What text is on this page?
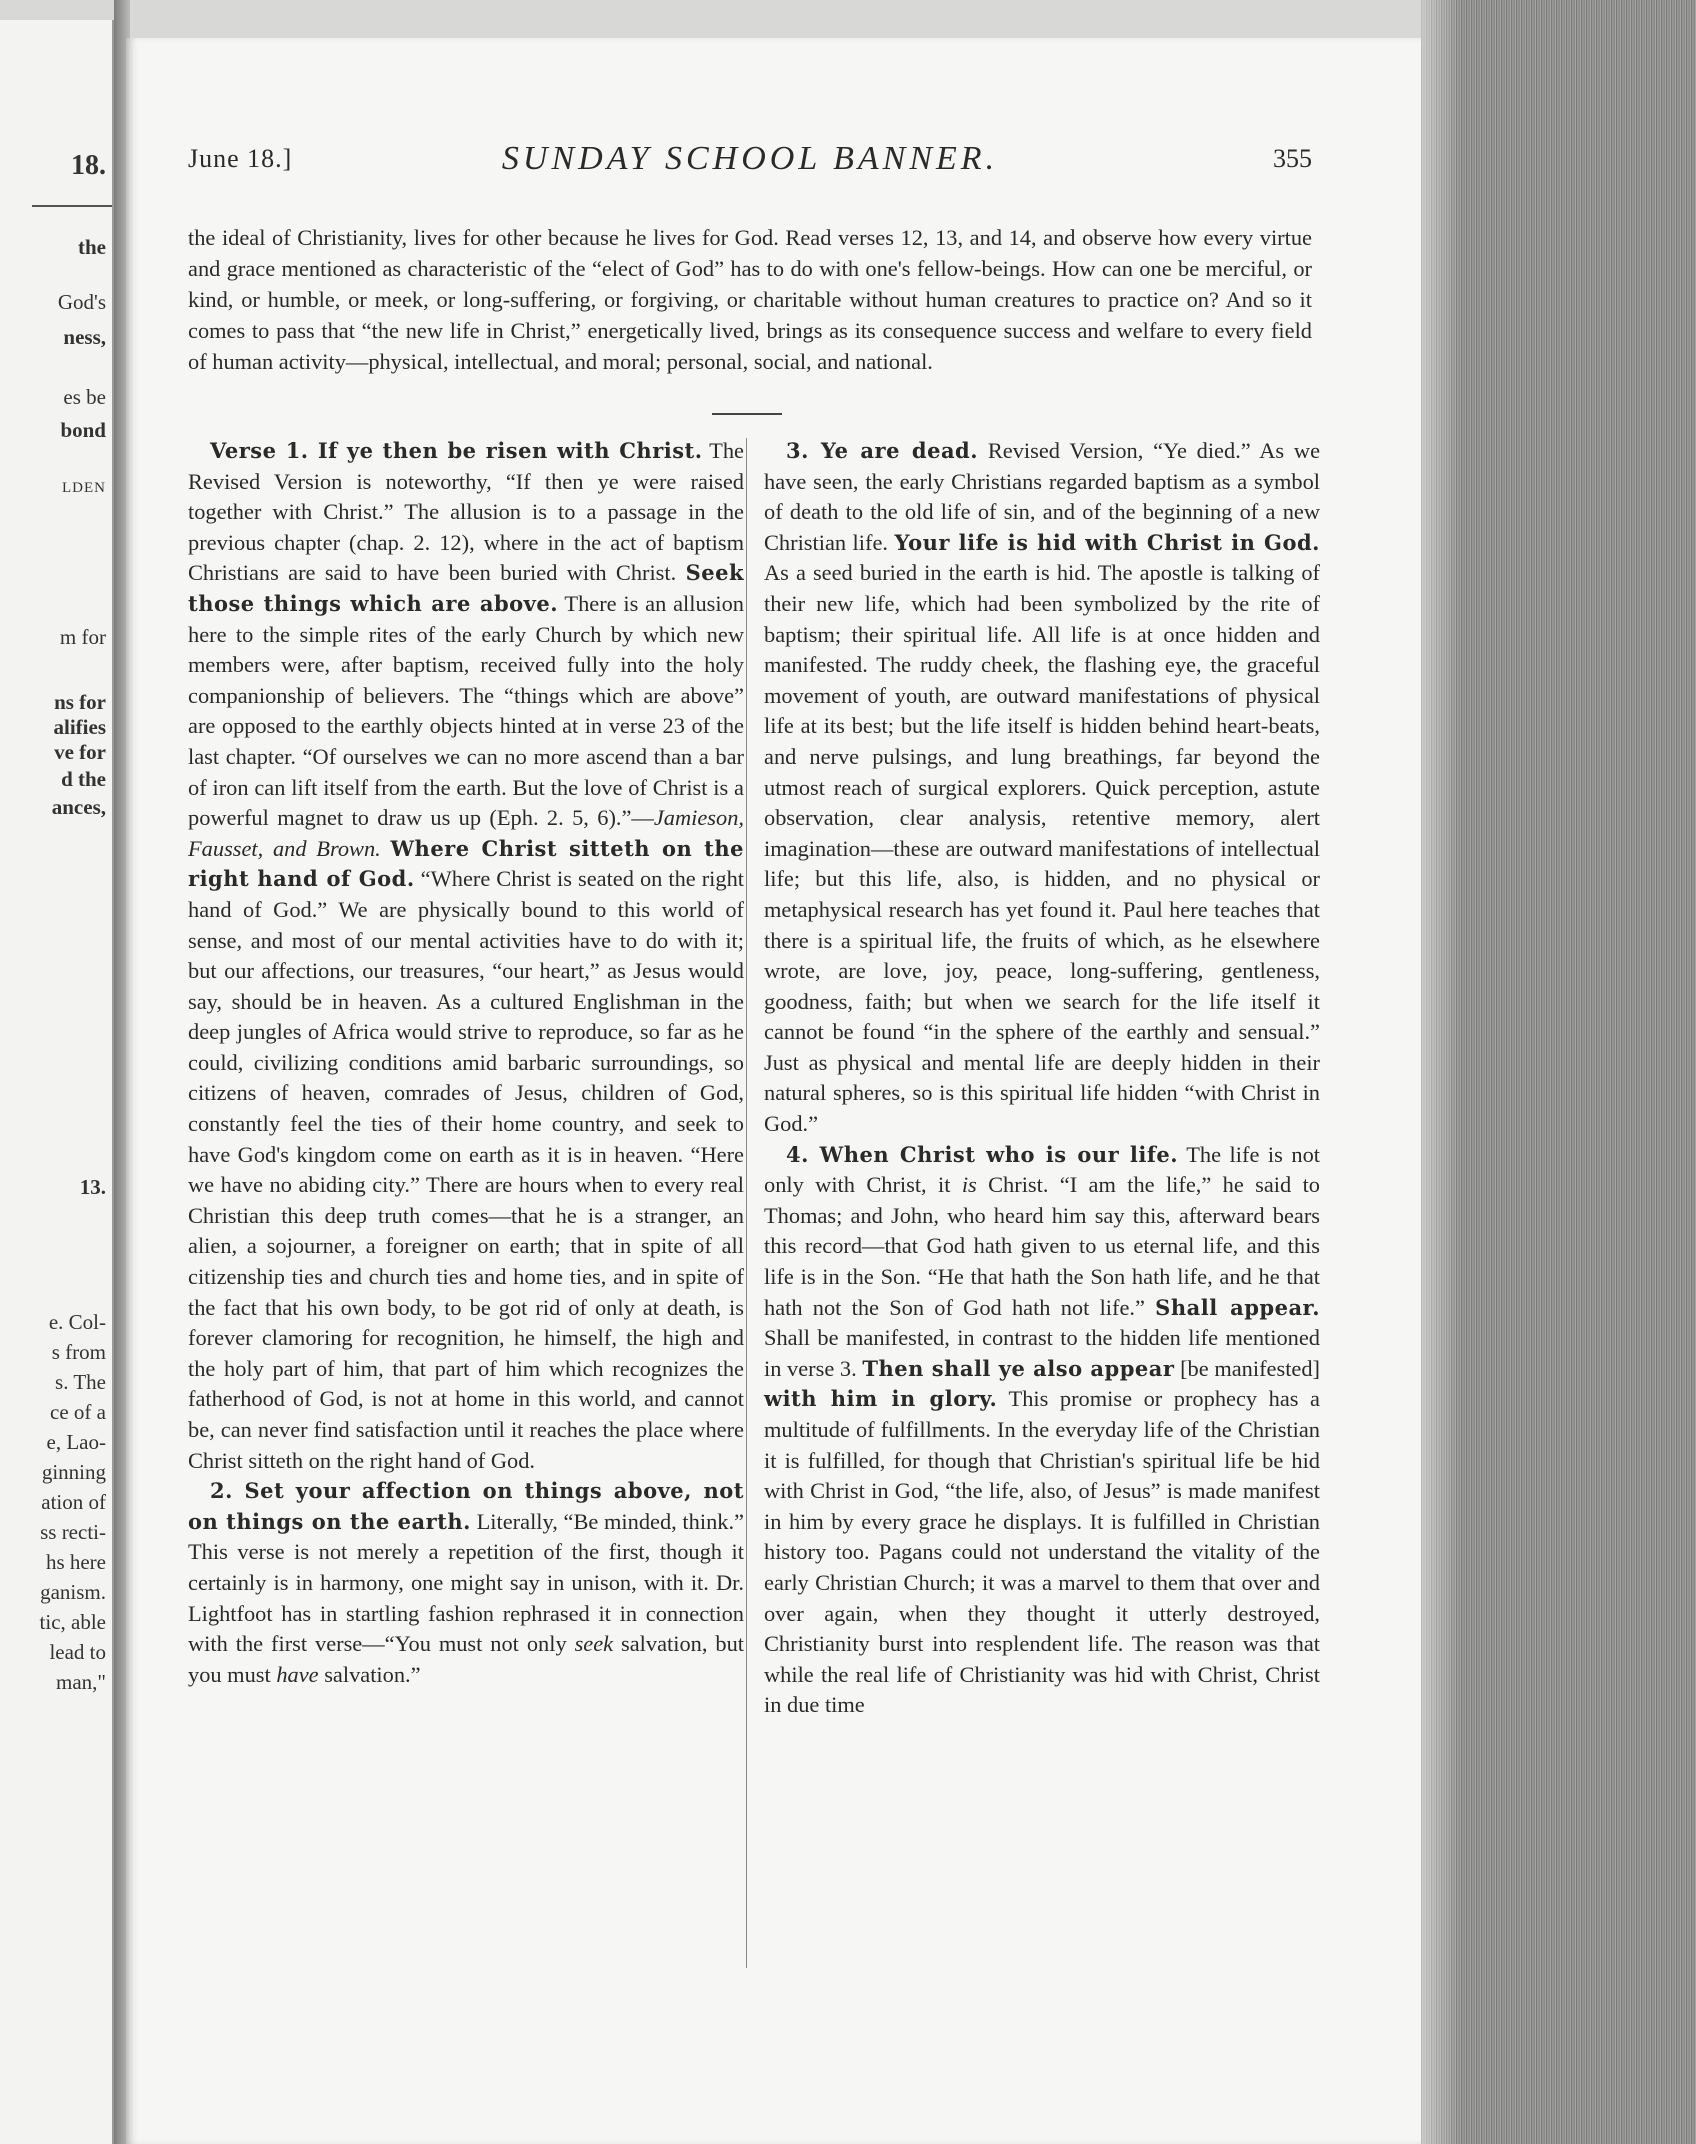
18.
the
God's
ness,
es be
bond
LDEN
m for
ns for
alifies
ve for
d the
ances,
13.
e. Col-
s from
s. The
ce of a
e, Lao-
ginning
ation of
ss recti-
hs here
ganism.
tic, able
lead to
man,"
June 18.]	SUNDAY SCHOOL BANNER.	355

the ideal of Christianity, lives for other because he lives for God. Read verses 12, 13, and 14, and observe how every virtue and grace mentioned as characteristic of the “elect of God” has to do with one's fellow-beings. How can one be merciful, or kind, or humble, or meek, or long-suffering, or forgiving, or charitable without human creatures to practice on? And so it comes to pass that “the new life in Christ,” energetically lived, brings as its consequence success and welfare to every field of human activity—physical, intellectual, and moral; personal, social, and national.

Verse 1. If ye then be risen with Christ. The Revised Version is noteworthy, “If then ye were raised together with Christ.” The allusion is to a passage in the previous chapter (chap. 2. 12), where in the act of baptism Christians are said to have been buried with Christ. Seek those things which are above. There is an allusion here to the simple rites of the early Church by which new members were, after baptism, received fully into the holy companionship of believers. The “things which are above” are opposed to the earthly objects hinted at in verse 23 of the last chapter. “Of ourselves we can no more ascend than a bar of iron can lift itself from the earth. But the love of Christ is a powerful magnet to draw us up (Eph. 2. 5, 6).”—Jamieson, Fausset, and Brown. Where Christ sitteth on the right hand of God. “Where Christ is seated on the right hand of God.” We are physically bound to this world of sense, and most of our mental activities have to do with it; but our affections, our treasures, “our heart,” as Jesus would say, should be in heaven. As a cultured Englishman in the deep jungles of Africa would strive to reproduce, so far as he could, civilizing conditions amid barbaric surroundings, so citizens of heaven, comrades of Jesus, children of God, constantly feel the ties of their home country, and seek to have God's kingdom come on earth as it is in heaven. “Here we have no abiding city.” There are hours when to every real Christian this deep truth comes—that he is a stranger, an alien, a sojourner, a foreigner on earth; that in spite of all citizenship ties and church ties and home ties, and in spite of the fact that his own body, to be got rid of only at death, is forever clamoring for recognition, he himself, the high and the holy part of him, that part of him which recognizes the fatherhood of God, is not at home in this world, and cannot be, can never find satisfaction until it reaches the place where Christ sitteth on the right hand of God.

2. Set your affection on things above, not on things on the earth. Literally, “Be minded, think.” This verse is not merely a repetition of the first, though it certainly is in harmony, one might say in unison, with it. Dr. Lightfoot has in startling fashion rephrased it in connection with the first verse—“You must not only seek salvation, but you must have salvation.”

3. Ye are dead. Revised Version, “Ye died.” As we have seen, the early Christians regarded baptism as a symbol of death to the old life of sin, and of the beginning of a new Christian life. Your life is hid with Christ in God. As a seed buried in the earth is hid. The apostle is talking of their new life, which had been symbolized by the rite of baptism; their spiritual life. All life is at once hidden and manifested. The ruddy cheek, the flashing eye, the graceful movement of youth, are outward manifestations of physical life at its best; but the life itself is hidden behind heart-beats, and nerve pulsings, and lung breathings, far beyond the utmost reach of surgical explorers. Quick perception, astute observation, clear analysis, retentive memory, alert imagination—these are outward manifestations of intellectual life; but this life, also, is hidden, and no physical or metaphysical research has yet found it. Paul here teaches that there is a spiritual life, the fruits of which, as he elsewhere wrote, are love, joy, peace, long-suffering, gentleness, goodness, faith; but when we search for the life itself it cannot be found “in the sphere of the earthly and sensual.” Just as physical and mental life are deeply hidden in their natural spheres, so is this spiritual life hidden “with Christ in God.”

4. When Christ who is our life. The life is not only with Christ, it is Christ. “I am the life,” he said to Thomas; and John, who heard him say this, afterward bears this record—that God hath given to us eternal life, and this life is in the Son. “He that hath the Son hath life, and he that hath not the Son of God hath not life.” Shall appear. Shall be manifested, in contrast to the hidden life mentioned in verse 3. Then shall ye also appear [be manifested] with him in glory. This promise or prophecy has a multitude of fulfillments. In the everyday life of the Christian it is fulfilled, for though that Christian's spiritual life be hid with Christ in God, “the life, also, of Jesus” is made manifest in him by every grace he displays. It is fulfilled in Christian history too. Pagans could not understand the vitality of the early Christian Church; it was a marvel to them that over and over again, when they thought it utterly destroyed, Christianity burst into resplendent life. The reason was that while the real life of Christianity was hid with Christ, Christ in due time
